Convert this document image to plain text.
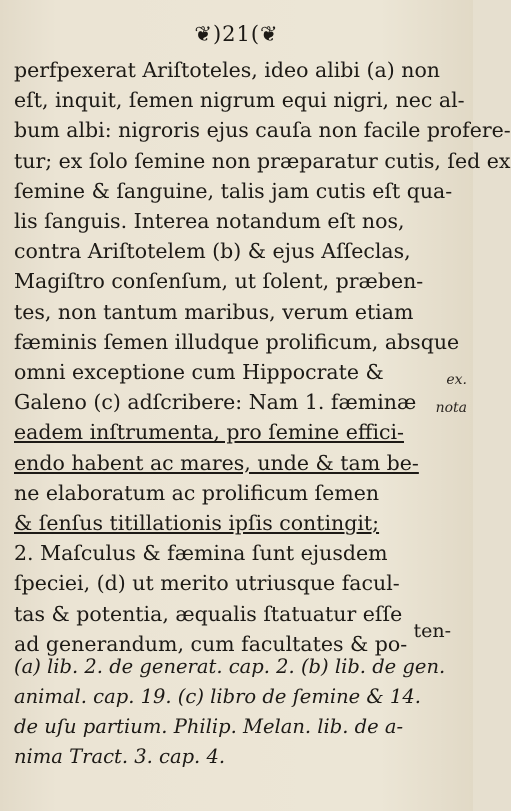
❦)21(❦
perfpexerat Ariſtoteles, ideo alibi (a) non
eſt, inquit, ſemen nigrum equi nigri, nec al-
bum albi: nigroris ejus cauſa non facile profere-
tur; ex ſolo ſemine non præparatur cutis, ſed ex
ſemine & ſanguine, talis jam cutis eſt qua-
lis ſanguis. Interea notandum eſt nos,
contra Ariſtotelem (b) & ejus Aſſeclas,
Magiſtro conſenſum, ut ſolent, præben-
tes, non tantum maribus, verum etiam
fæminis ſemen illudque prolificum, absque
omni exceptione cum Hippocrate &
Galeno (c) adſcribere: Nam 1. fæminæ
eadem inſtrumenta, pro ſemine effici-
endo habent ac mares, unde & tam be-
ne elaboratum ac prolificum ſemen
& ſenſus titillationis ipſis contingit;
2. Maſculus & fæmina ſunt ejusdem
ſpeciei, (d) ut merito utriusque facul-
tas & potentia, æqualis ſtatuatur eſſe
ad generandum, cum facultates & po-
ten-
ex.
nota
(a) lib. 2. de generat. cap. 2. (b) lib. de gen.
animal. cap. 19. (c) libro de ſemine & 14.
de uſu partium. Philip. Melan. lib. de a-
nima Tract. 3. cap. 4.
